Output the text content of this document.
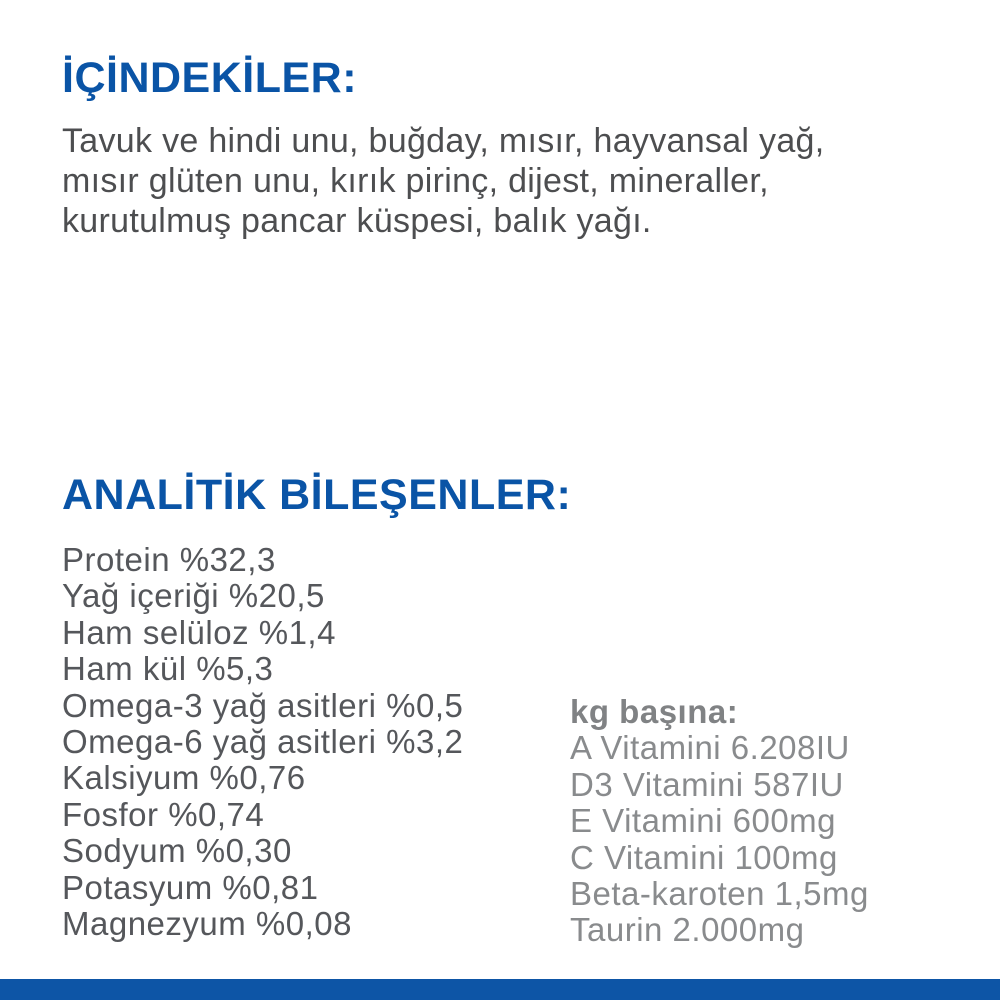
İÇİNDEKİLER:
Tavuk ve hindi unu, buğday, mısır, hayvansal yağ,
mısır glüten unu, kırık pirinç, dijest, mineraller,
kurutulmuş pancar küspesi, balık yağı.
ANALİTİK BİLEŞENLER:
Protein %32,3
Yağ içeriği %20,5
Ham selüloz %1,4
Ham kül %5,3
Omega-3 yağ asitleri %0,5
Omega-6 yağ asitleri %3,2
Kalsiyum %0,76
Fosfor %0,74
Sodyum %0,30
Potasyum %0,81
Magnezyum %0,08
kg başına:
A Vitamini 6.208IU
D3 Vitamini 587IU
E Vitamini 600mg
C Vitamini 100mg
Beta-karoten 1,5mg
Taurin 2.000mg
